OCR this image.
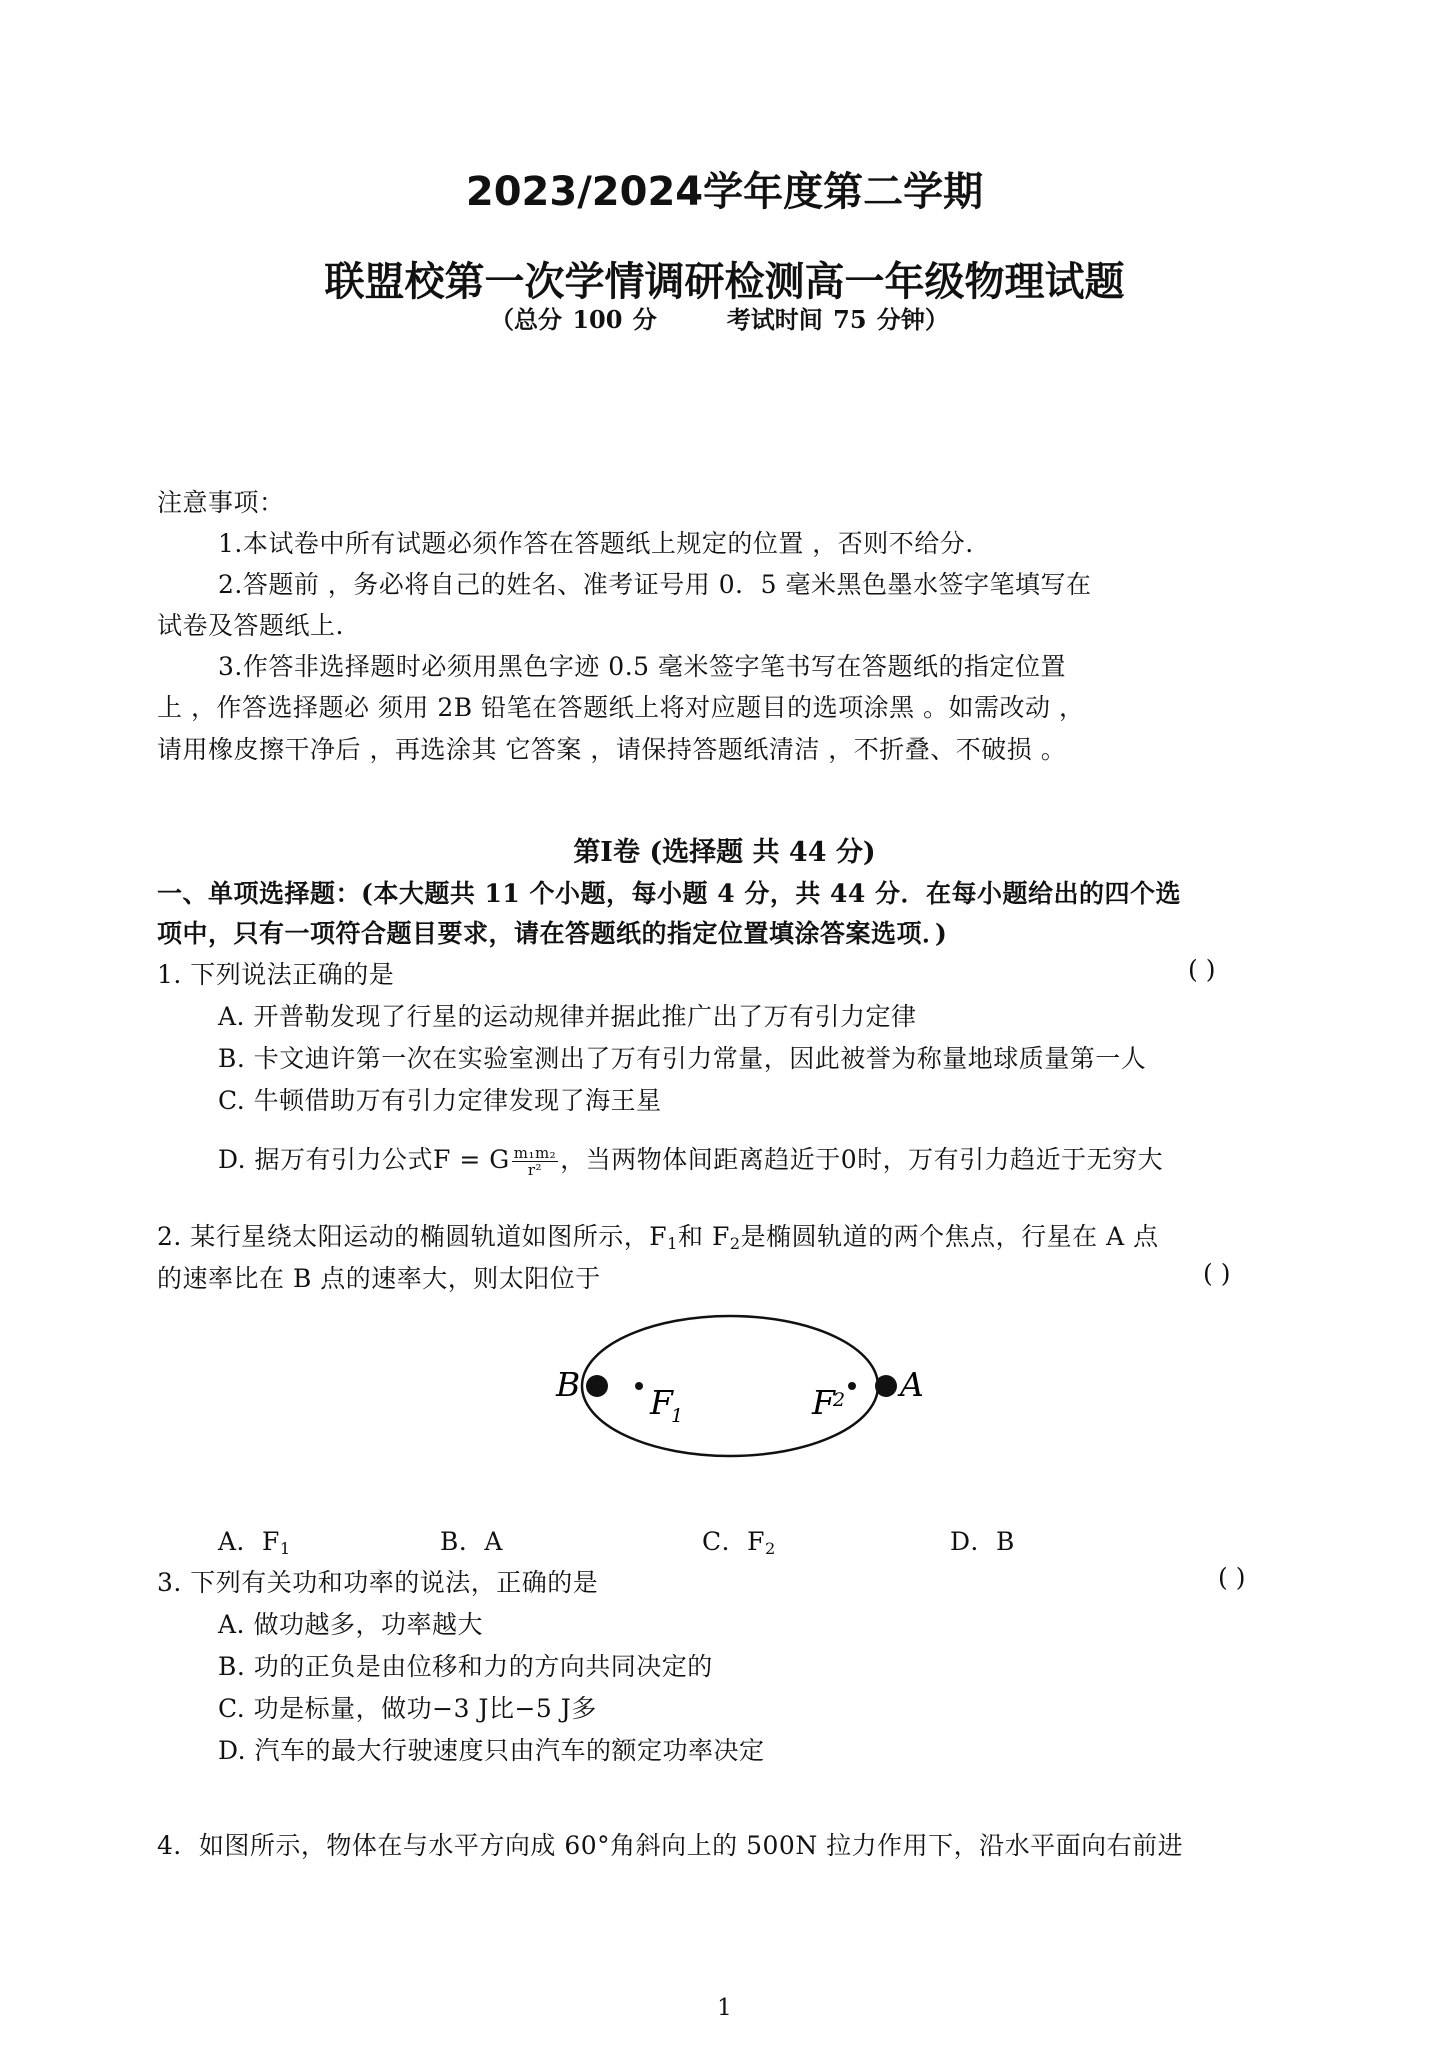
2023/2024学年度第二学期
联盟校第一次学情调研检测高一年级物理试题
（总分 100 分	考试时间 75 分钟）
注意事项：
1.本试卷中所有试题必须作答在答题纸上规定的位置 ，否则不给分.
2.答题前 ，务必将自己的姓名、准考证号用 0．5 毫米黑色墨水签字笔填写在
试卷及答题纸上.
3.作答非选择题时必须用黑色字迹 0.5 毫米签字笔书写在答题纸的指定位置
上 ，作答选择题必 须用 2B 铅笔在答题纸上将对应题目的选项涂黑 。如需改动 ，
请用橡皮擦干净后 ，再选涂其 它答案 ，请保持答题纸清洁 ，不折叠、不破损 。
第Ⅰ卷 (选择题 共 44 分)
一、单项选择题：(本大题共 11 个小题，每小题 4 分，共 44 分．在每小题给出的四个选
项中，只有一项符合题目要求，请在答题纸的指定位置填涂答案选项．)
1. 下列说法正确的是	( )
A. 开普勒发现了行星的运动规律并据此推广出了万有引力定律
B. 卡文迪许第一次在实验室测出了万有引力常量，因此被誉为称量地球质量第一人
C. 牛顿借助万有引力定律发现了海王星
D. 据万有引力公式F = G $\frac{\text{m₁m₂}}{\text{r²}}$ ，当两物体间距离趋近于0时，万有引力趋近于无穷大
2. 某行星绕太阳运动的椭圆轨道如图所示，$F_1$和 $F_2$是椭圆轨道的两个焦点，行星在 A 点
的速率比在 B 点的速率大，则太阳位于	( )
B F
1	F
2 A
A．$F_1$	B．A	C．$F_2$	D．B
3. 下列有关功和功率的说法，正确的是	( )
A. 做功越多，功率越大
B. 功的正负是由位移和力的方向共同决定的
C. 功是标量，做功−3 J比−5 J多
D. 汽车的最大行驶速度只由汽车的额定功率决定
4．如图所示，物体在与水平方向成 60°角斜向上的 500N 拉力作用下，沿水平面向右前进
1
